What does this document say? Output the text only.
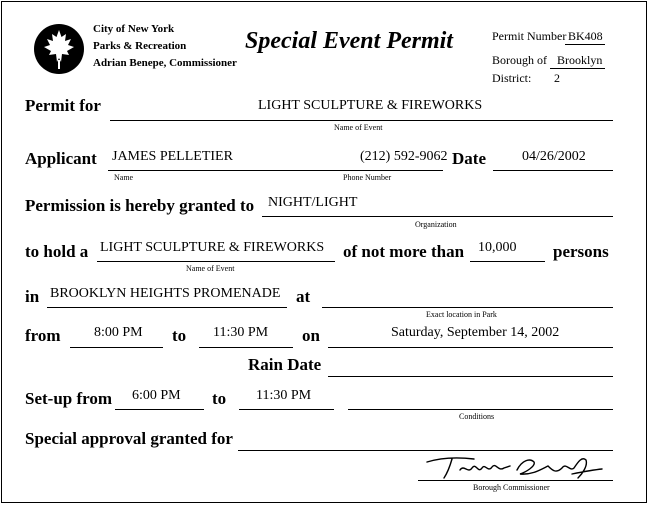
City of New York
Parks & Recreation
Adrian Benepe, Commissioner
Special Event Permit	Permit Number BK408
Borough of Brooklyn
District: 2
Permit for	LIGHT SCULPTURE & FIREWORKS
Name of Event
Applicant JAMES PELLETIER	(212) 592-9062
Name	Phone Number
Date	04/26/2002
Permission is hereby granted to NIGHT/LIGHT
Organization
to hold a LIGHT SCULPTURE & FIREWORKS
Name of Event
of not more than 10,000 persons
in BROOKLYN HEIGHTS PROMENADE at
Exact location in Park
from 8:00 PM to 11:30 PM on	Saturday, September 14, 2002
Rain Date
Set-up from 6:00 PM to 11:30 PM
Conditions
Special approval granted for
Borough Commissioner
